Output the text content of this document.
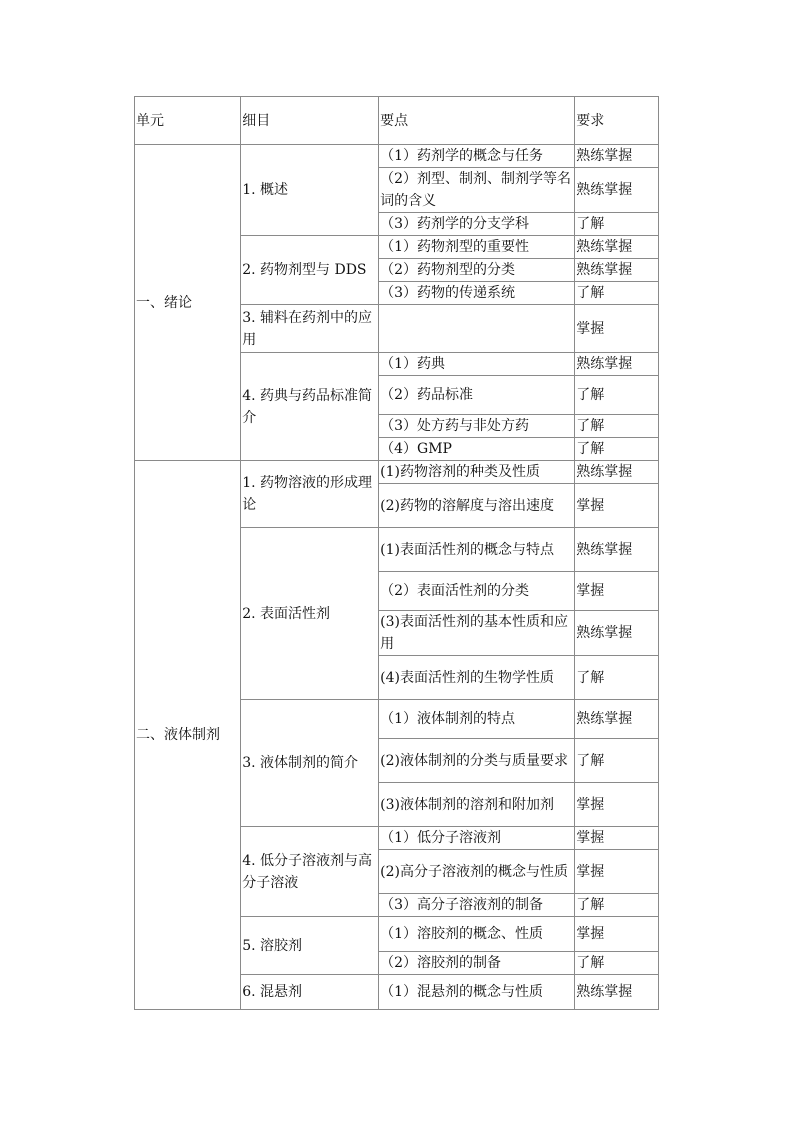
单元	细目	要点	要求
一、绪论	1. 概述	（1）药剂学的概念与任务	熟练掌握
		（2）剂型、制剂、制剂学等名词的含义	熟练掌握
		（3）药剂学的分支学科	了解
	2. 药物剂型与 DDS	（1）药物剂型的重要性	熟练掌握
		（2）药物剂型的分类	熟练掌握
		（3）药物的传递系统	了解
	3. 辅料在药剂中的应用		掌握
	4. 药典与药品标准简介	（1）药典	熟练掌握
		（2）药品标准	了解
		（3）处方药与非处方药	了解
		（4）GMP	了解
二、液体制剂	1. 药物溶液的形成理论	(1)药物溶剂的种类及性质	熟练掌握
		(2)药物的溶解度与溶出速度	掌握
	2. 表面活性剂	(1)表面活性剂的概念与特点	熟练掌握
		（2）表面活性剂的分类	掌握
		(3)表面活性剂的基本性质和应用	熟练掌握
		(4)表面活性剂的生物学性质	了解
	3. 液体制剂的简介	（1）液体制剂的特点	熟练掌握
		(2)液体制剂的分类与质量要求	了解
		(3)液体制剂的溶剂和附加剂	掌握
	4. 低分子溶液剂与高分子溶液	（1）低分子溶液剂	掌握
		(2)高分子溶液剂的概念与性质	掌握
		（3）高分子溶液剂的制备	了解
	5. 溶胶剂	（1）溶胶剂的概念、性质	掌握
		（2）溶胶剂的制备	了解
	6. 混悬剂	（1）混悬剂的概念与性质	熟练掌握
